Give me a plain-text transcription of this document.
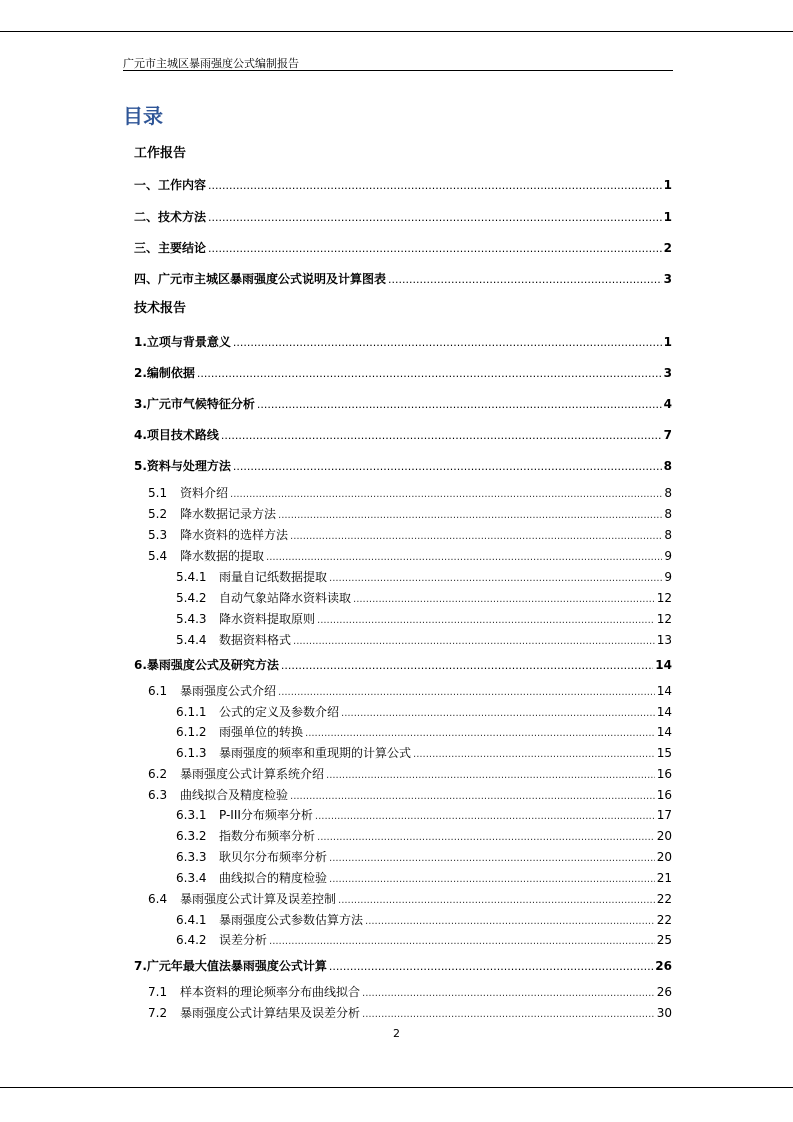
广元市主城区暴雨强度公式编制报告
目录
工作报告
一、工作内容 .....	1
二、技术方法 .....	1
三、主要结论 .....	2
四、广元市主城区暴雨强度公式说明及计算图表 .....	3
技术报告
1.立项与背景意义 .....	1
2.编制依据 .....	3
3.广元市气候特征分析 .....	4
4.项目技术路线 .....	7
5.资料与处理方法 .....	8
5.1 资料介绍 .....	8
5.2 降水数据记录方法 .....	8
5.3 降水资料的选样方法 .....	8
5.4 降水数据的提取 .....	9
5.4.1 雨量自记纸数据提取 .....	9
5.4.2 自动气象站降水资料读取 .....	12
5.4.3 降水资料提取原则 .....	12
5.4.4 数据资料格式 .....	13
6.暴雨强度公式及研究方法 .....	14
6.1 暴雨强度公式介绍 .....	14
6.1.1 公式的定义及参数介绍 .....	14
6.1.2 雨强单位的转换 .....	14
6.1.3 暴雨强度的频率和重现期的计算公式 .....	15
6.2 暴雨强度公式计算系统介绍 .....	16
6.3 曲线拟合及精度检验 .....	16
6.3.1 P-III分布频率分析 .....	17
6.3.2 指数分布频率分析 .....	20
6.3.3 耿贝尔分布频率分析 .....	20
6.3.4 曲线拟合的精度检验 .....	21
6.4 暴雨强度公式计算及误差控制 .....	22
6.4.1 暴雨强度公式参数估算方法 .....	22
6.4.2 误差分析 .....	25
7.广元年最大值法暴雨强度公式计算 .....	26
7.1 样本资料的理论频率分布曲线拟合 .....	26
7.2 暴雨强度公式计算结果及误差分析 .....	30
2
